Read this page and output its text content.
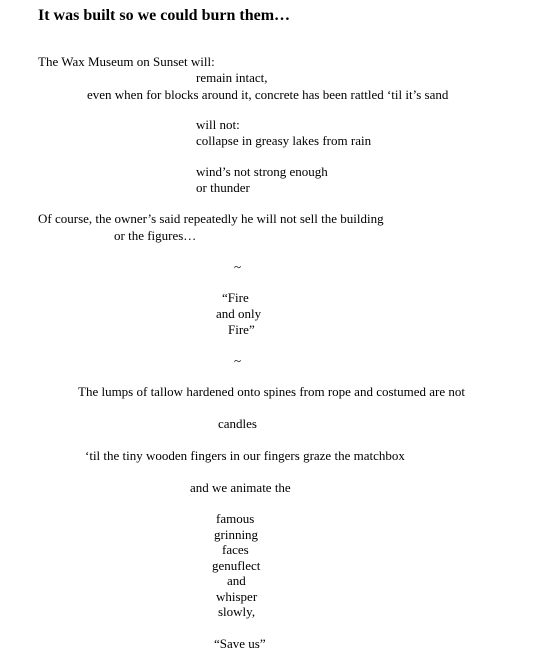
It was built so we could burn them…
The Wax Museum on Sunset will:
remain intact,
even when for blocks around it, concrete has been rattled ‘til it’s sand
will not:
collapse in greasy lakes from rain
wind’s not strong enough
or thunder
Of course, the owner’s said repeatedly he will not sell the building
or the figures…
~
“Fire
and only
Fire”
~
The lumps of tallow hardened onto spines from rope and costumed are not
candles
‘til the tiny wooden fingers in our fingers graze the matchbox
and we animate the
famous
grinning
faces
genuflect
and
whisper
slowly,
“Save us”
